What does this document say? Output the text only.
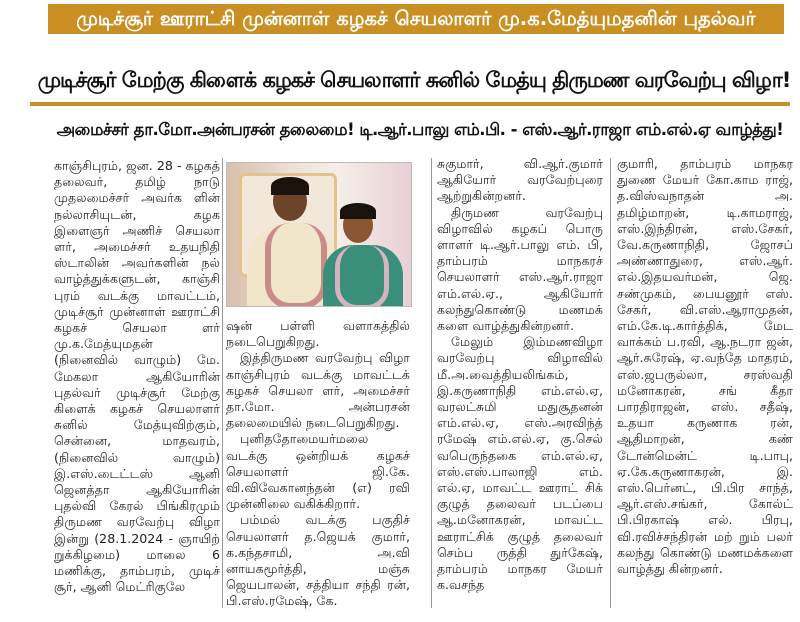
முடிச்சூர் ஊராட்சி முன்னாள் கழகச் செயலாளர் மு.க.மேத்யுமதனின் புதல்வர்
முடிச்சூர் மேற்கு கிளைக் கழகச் செயலாளர் சுனில் மேத்யு திருமண வரவேற்பு விழா!
அமைச்சர் தா.மோ.அன்பரசன் தலைமை! டி.ஆர்.பாலு எம்.பி. - எஸ்.ஆர்.ராஜா எம்.எல்.ஏ வாழ்த்து!

காஞ்சிபுரம், ஜன. 28 - கழகத் தலைவர், தமிழ் நாடு முதலமைச்சர் அவர்க ளின் நல்லாசியுடன், கழக இளைஞர் அணிச் செயலா ளர், அமைச்சர் உதயநிதி ஸ்டாலின் அவர்களின் நல் வாழ்த்துக்களுடன், காஞ்சி புரம் வடக்கு மாவட்டம், முடிச்சூர் முன்னாள் ஊராட்சி கழகச் செயலா ளர் மு.க.மேத்யுமதன் (நினைவில் வாழும்) மே. மேகலா ஆகியோரின் புதல்வர் முடிச்சூர் மேற்கு கிளைக் கழகச் செயலாளர் சுனில் மேத்யுவிற்கும், சென்னை, மாதவரம், (நினைவில் வாழும்) இ.எஸ்.டைட்டஸ் ஆனி ஜெனத்தா ஆகியோரின் புதல்வி கேரல் பிங்கிரமும் திருமண வரவேற்பு விழா இன்று (28.1.2024 - ஞாயிற் றுக்கிழமை) மாலை 6 மணிக்கு, தாம்பரம், முடிச் சூர், ஆனி மெட்ரிகுலே

ஷன் பள்ளி வளாகத்தில் நடைபெறுகிறது.

இத்திருமண வரவேற்பு விழா காஞ்சிபுரம் வடக்கு மாவட்டக் கழகச் செயலா ளர், அமைச்சர் தா.மோ. அன்பரசன் தலைமையில் நடைபெறுகிறது.

புனிததோமையர்மலை வடக்கு ஒன்றியக் கழகச் செயலாளர் ஜி.கே. வி.விவேகானந்தன் (எ) ரவி முன்னிலை வகிக்கிறார்.

பம்மல் வடக்கு பகுதிச் செயலாளர் த.ஜெயக் குமார், க.கந்தசாமி, அ.வி னாயகமூர்த்தி, மஞ்சு ஜெயபாலன், சத்தியா சந்தி ரன், பி.எஸ்.ரமேஷ், கே.

சுகுமார், வி.ஆர்.குமார் ஆகியோர் வரவேற்புரை ஆற்றுகின்றனர்.

திருமண வரவேற்பு விழாவில் கழகப் பொரு ளாளர் டி.ஆர்.பாலு எம். பி, தாம்பரம் மாநகரச் செயலாளர் எஸ்.ஆர்.ராஜா எம்.எல்.ஏ., ஆகியோர் கலந்துகொண்டு மணமக் களை வாழ்த்துகின்றனர்.

மேலும் இம்மணவிழா வரவேற்பு விழாவில் மீ.அ.வைத்தியலிங்கம், இ.கருணாநிதி எம்.எல்.ஏ, வரலட்சுமி மதுசூதனன் எம்.எல்.ஏ, எஸ்.அரவிந்த் ரமேஷ் எம்.எல்.ஏ, கு.செல் வபெருந்தகை எம்.எல்.ஏ, எஸ்.எஸ்.பாலாஜி எம். எல்.ஏ, மாவட்ட ஊராட் சிக் குழுத் தலைவர் படப்பை ஆ.மனோகரன், மாவட்ட ஊராட்சிக் குழுத் தலைவர் செம்ப ருத்தி துர்கேஷ், தாம்பரம் மாநகர மேயர் க.வசந்த

குமாரி, தாம்பரம் மாநகர துணை மேயர் கோ.காம ராஜ், த.விஸ்வநாதன் அ. தமிழ்மாறன், டி.காமராஜ், எஸ்.இந்திரன், எஸ்.சேகர், வே.கருணாநிதி, ஜோசப் அண்ணாதுரை, எஸ்.ஆர். எல்.இதயவர்மன், ஜெ. சண்முகம், பையனூர் எஸ். சேகர், வி.எஸ்.ஆராமுதன், எம்.கே.டி.கார்த்திக், மேட வாக்கம் ப.ரவி, ஆ.நடரா ஜன், ஆர்.சுரேஷ், ஏ.வந்தே மாதரம், எஸ்.ஜபருல்லா, சரஸ்வதி மனோகரன், சங் கீதா பாரதிராஜன், எஸ். சதீஷ், உதயா கருணாக ரன், ஆதிமாறன், கண் டோன்மென்ட் டி.பாபு, ஏ.கே.கருணாகரன், இ. எஸ்.பெர்னட், பி.பிர சாந்த், ஆர்.எஸ்.சங்கர், கோல்ட் பி.பிரகாஷ் எல். பிரபு, வி.ரவிச்சந்திரன் மற் றும் பலர் கலந்து கொண்டு மணமக்களை வாழ்த்து கின்றனர்.
